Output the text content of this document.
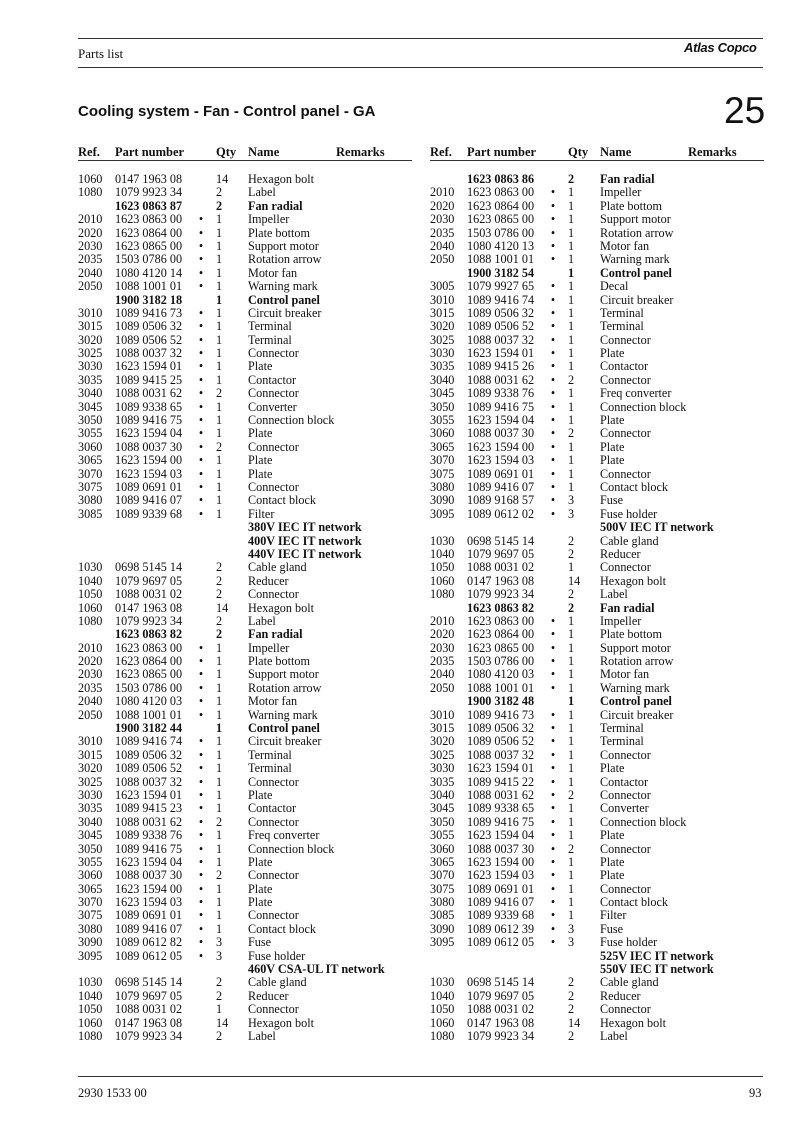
Parts list	Atlas Copco
Cooling system - Fan - Control panel - GA	25
Ref. Part number	Qty Name	Remarks
1060 0147 1963 08	14 Hexagon bolt
1080 1079 9923 34	2 Label
1623 0863 87	2 Fan radial
2010 1623 0863 00 • 1 Impeller
2020 1623 0864 00 • 1 Plate bottom
2030 1623 0865 00 • 1 Support motor
2035 1503 0786 00 • 1 Rotation arrow
2040 1080 4120 14 • 1 Motor fan
2050 1088 1001 01 • 1 Warning mark
1900 3182 18	1 Control panel
3010 1089 9416 73 • 1 Circuit breaker
3015 1089 0506 32 • 1 Terminal
3020 1089 0506 52 • 1 Terminal
3025 1088 0037 32 • 1 Connector
3030 1623 1594 01 • 1 Plate
3035 1089 9415 25 • 1 Contactor
3040 1088 0031 62 • 2 Connector
3045 1089 9338 65 • 1 Converter
3050 1089 9416 75 • 1 Connection block
3055 1623 1594 04 • 1 Plate
3060 1088 0037 30 • 2 Connector
3065 1623 1594 00 • 1 Plate
3070 1623 1594 03 • 1 Plate
3075 1089 0691 01 • 1 Connector
3080 1089 9416 07 • 1 Contact block
3085 1089 9339 68 • 1 Filter
380V IEC IT network
400V IEC IT network
440V IEC IT network
1030 0698 5145 14	2 Cable gland
1040 1079 9697 05	2 Reducer
1050 1088 0031 02	2 Connector
1060 0147 1963 08	14 Hexagon bolt
1080 1079 9923 34	2 Label
1623 0863 82	2 Fan radial
2010 1623 0863 00 • 1 Impeller
2020 1623 0864 00 • 1 Plate bottom
2030 1623 0865 00 • 1 Support motor
2035 1503 0786 00 • 1 Rotation arrow
2040 1080 4120 03 • 1 Motor fan
2050 1088 1001 01 • 1 Warning mark
1900 3182 44	1 Control panel
3010 1089 9416 74 • 1 Circuit breaker
3015 1089 0506 32 • 1 Terminal
3020 1089 0506 52 • 1 Terminal
3025 1088 0037 32 • 1 Connector
3030 1623 1594 01 • 1 Plate
3035 1089 9415 23 • 1 Contactor
3040 1088 0031 62 • 2 Connector
3045 1089 9338 76 • 1 Freq converter
3050 1089 9416 75 • 1 Connection block
3055 1623 1594 04 • 1 Plate
3060 1088 0037 30 • 2 Connector
3065 1623 1594 00 • 1 Plate
3070 1623 1594 03 • 1 Plate
3075 1089 0691 01 • 1 Connector
3080 1089 9416 07 • 1 Contact block
3090 1089 0612 82 • 3 Fuse
3095 1089 0612 05 • 3 Fuse holder
460V CSA-UL IT network
1030 0698 5145 14	2 Cable gland
1040 1079 9697 05	2 Reducer
1050 1088 0031 02	1 Connector
1060 0147 1963 08	14 Hexagon bolt
1080 1079 9923 34	2 Label
Ref. Part number	Qty Name	Remarks
1623 0863 86	2 Fan radial
2010 1623 0863 00 • 1 Impeller
2020 1623 0864 00 • 1 Plate bottom
2030 1623 0865 00 • 1 Support motor
2035 1503 0786 00 • 1 Rotation arrow
2040 1080 4120 13 • 1 Motor fan
2050 1088 1001 01 • 1 Warning mark
1900 3182 54	1 Control panel
3005 1079 9927 65 • 1 Decal
3010 1089 9416 74 • 1 Circuit breaker
3015 1089 0506 32 • 1 Terminal
3020 1089 0506 52 • 1 Terminal
3025 1088 0037 32 • 1 Connector
3030 1623 1594 01 • 1 Plate
3035 1089 9415 26 • 1 Contactor
3040 1088 0031 62 • 2 Connector
3045 1089 9338 76 • 1 Freq converter
3050 1089 9416 75 • 1 Connection block
3055 1623 1594 04 • 1 Plate
3060 1088 0037 30 • 2 Connector
3065 1623 1594 00 • 1 Plate
3070 1623 1594 03 • 1 Plate
3075 1089 0691 01 • 1 Connector
3080 1089 9416 07 • 1 Contact block
3090 1089 9168 57 • 3 Fuse
3095 1089 0612 02 • 3 Fuse holder
500V IEC IT network
1030 0698 5145 14	2 Cable gland
1040 1079 9697 05	2 Reducer
1050 1088 0031 02	1 Connector
1060 0147 1963 08	14 Hexagon bolt
1080 1079 9923 34	2 Label
1623 0863 82	2 Fan radial
2010 1623 0863 00 • 1 Impeller
2020 1623 0864 00 • 1 Plate bottom
2030 1623 0865 00 • 1 Support motor
2035 1503 0786 00 • 1 Rotation arrow
2040 1080 4120 03 • 1 Motor fan
2050 1088 1001 01 • 1 Warning mark
1900 3182 48	1 Control panel
3010 1089 9416 73 • 1 Circuit breaker
3015 1089 0506 32 • 1 Terminal
3020 1089 0506 52 • 1 Terminal
3025 1088 0037 32 • 1 Connector
3030 1623 1594 01 • 1 Plate
3035 1089 9415 22 • 1 Contactor
3040 1088 0031 62 • 2 Connector
3045 1089 9338 65 • 1 Converter
3050 1089 9416 75 • 1 Connection block
3055 1623 1594 04 • 1 Plate
3060 1088 0037 30 • 2 Connector
3065 1623 1594 00 • 1 Plate
3070 1623 1594 03 • 1 Plate
3075 1089 0691 01 • 1 Connector
3080 1089 9416 07 • 1 Contact block
3085 1089 9339 68 • 1 Filter
3090 1089 0612 39 • 3 Fuse
3095 1089 0612 05 • 3 Fuse holder
525V IEC IT network
550V IEC IT network
1030 0698 5145 14	2 Cable gland
1040 1079 9697 05	2 Reducer
1050 1088 0031 02	2 Connector
1060 0147 1963 08	14 Hexagon bolt
1080 1079 9923 34	2 Label
2930 1533 00	93
